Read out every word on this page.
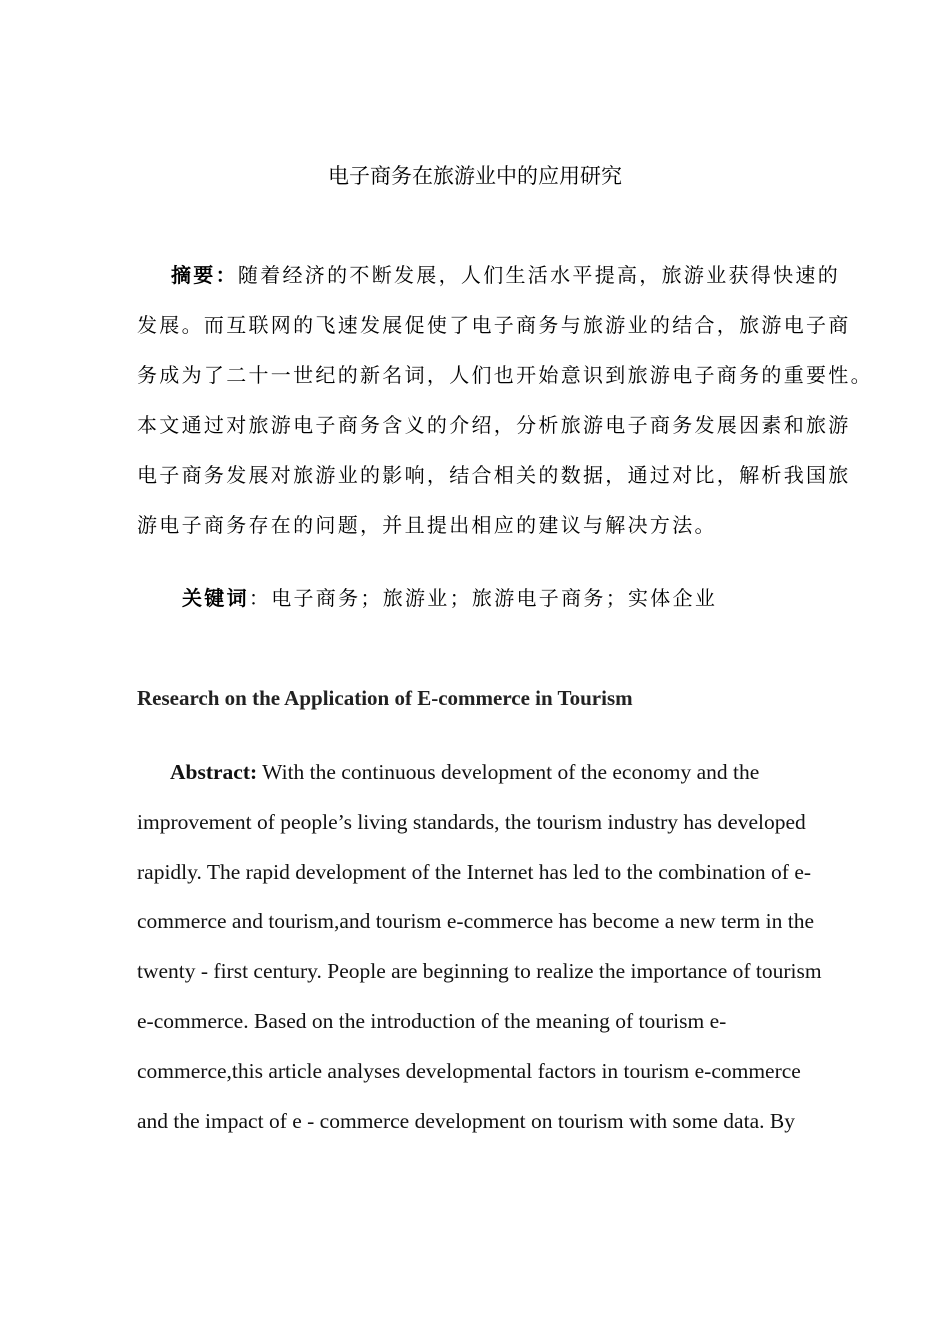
电子商务在旅游业中的应用研究
摘要：随着经济的不断发展，人们生活水平提高，旅游业获得快速的
发展。而互联网的飞速发展促使了电子商务与旅游业的结合，旅游电子商
务成为了二十一世纪的新名词，人们也开始意识到旅游电子商务的重要性。
本文通过对旅游电子商务含义的介绍，分析旅游电子商务发展因素和旅游
电子商务发展对旅游业的影响，结合相关的数据，通过对比，解析我国旅
游电子商务存在的问题，并且提出相应的建议与解决方法。

关键词：电子商务；旅游业；旅游电子商务；实体企业

Research on the Application of E-commerce in Tourism
Abstract: With the continuous development of the economy and the
improvement of people’s living standards, the tourism industry has developed
rapidly. The rapid development of the Internet has led to the combination of e-
commerce and tourism,and tourism e-commerce has become a new term in the
twenty - first century. People are beginning to realize the importance of tourism
e-commerce. Based on the introduction of the meaning of tourism e-
commerce,this article analyses developmental factors in tourism e-commerce
and the impact of e - commerce development on tourism with some data. By
